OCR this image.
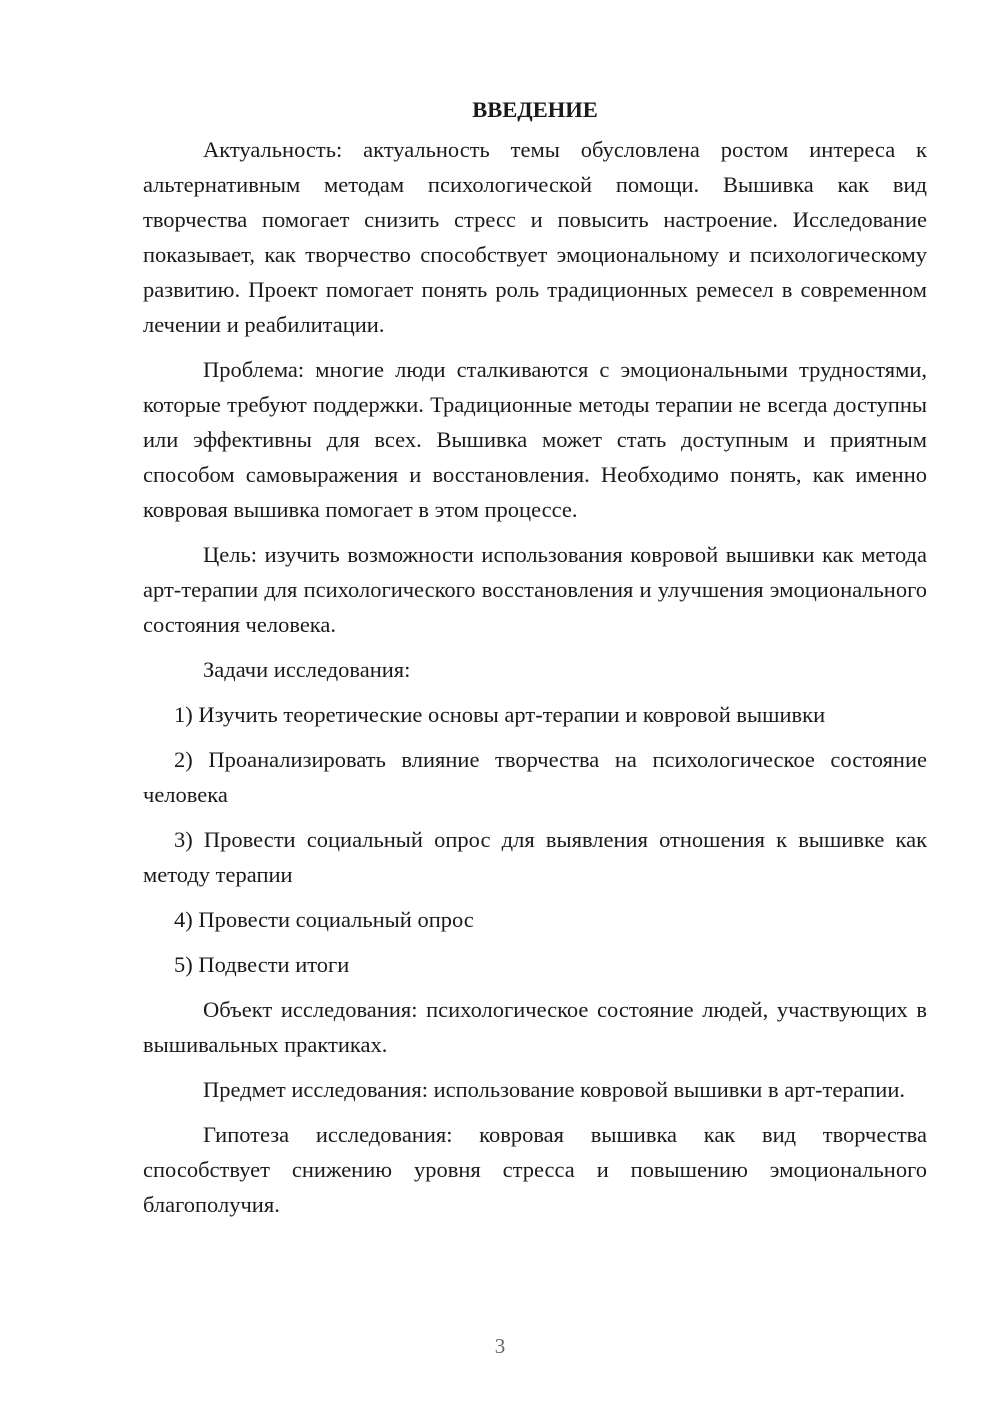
ВВЕДЕНИЕ

Актуальность: актуальность темы обусловлена ростом интереса к альтернативным методам психологической помощи. Вышивка как вид творчества помогает снизить стресс и повысить настроение. Исследование показывает, как творчество способствует эмоциональному и психологическому развитию. Проект помогает понять роль традиционных ремесел в современном лечении и реабилитации.

Проблема: многие люди сталкиваются с эмоциональными трудностями, которые требуют поддержки. Традиционные методы терапии не всегда доступны или эффективны для всех. Вышивка может стать доступным и приятным способом самовыражения и восстановления. Необходимо понять, как именно ковровая вышивка помогает в этом процессе.

Цель: изучить возможности использования ковровой вышивки как метода арт-терапии для психологического восстановления и улучшения эмоционального состояния человека.

Задачи исследования:

1) Изучить теоретические основы арт-терапии и ковровой вышивки

2) Проанализировать влияние творчества на психологическое состояние человека

3) Провести социальный опрос для выявления отношения к вышивке как методу терапии

4) Провести социальный опрос

5) Подвести итоги

Объект исследования: психологическое состояние людей, участвующих в вышивальных практиках.

Предмет исследования: использование ковровой вышивки в арт-терапии.

Гипотеза исследования: ковровая вышивка как вид творчества способствует снижению уровня стресса и повышению эмоционального благополучия.

3
